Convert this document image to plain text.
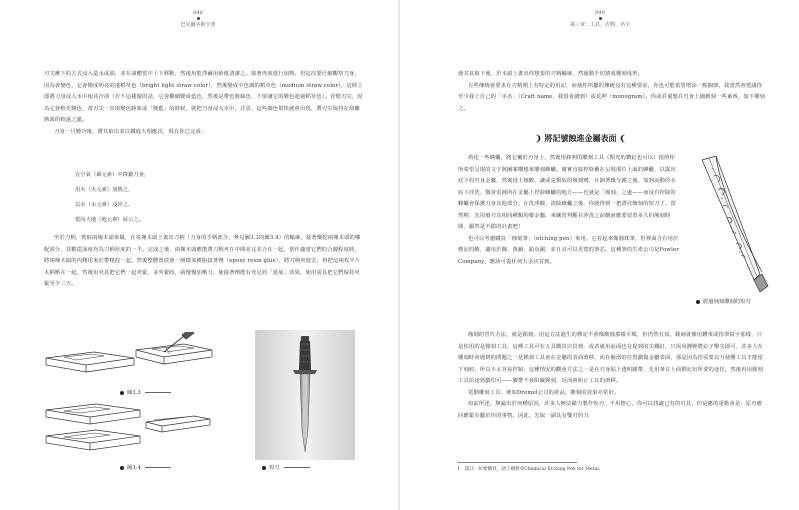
048
巴克爾巫術全書

刃尖蘸下的方式浸入造水或油，並在油體當中上下移動，然後用乾淨爾用砂紙清潔之。接著再度進行加熱，但這次要仔細觀察刀身，因為會變色，它會變成明亮的淺稻草色（bright light straw color），然後變成中色調的稻草色（medium straw color），這時立即將刀身浸入水中使其冷卻（若不這樣做的話，它會繼續變成藍色，然後是帶色與綠色，不要讓它的變色超過稻草色）。冒煙刃尖，因為它會較先變色，當刃尖一出現變色跡象或「變藍」的時候，就把刀身浸入水中。注意，這些顏色很快就會出現，將刃尖保持在刮離熱源的較遠之處。

刀身一旦變冷後，將其取出並以鐵進大相應次，現在你已完成：

在空氣（風元素）中鋒鍛刀身，
用火（火元素）加熱之，
以水（水元素）浸淬之，
當向大地（地元素）展示之。

至於刀柄，則取兩塊木頭來做，在每塊木頭上畫出刀柄（刀身的手柄部分，參見圖3.3的圖3.4）的輪廓，接著鑿挖兩塊木頭的哪配部分，其數從深度均為刀柄厚度的一半。完成之後，兩塊木頭應能將刀柄夾在中間並完美合在一起，當作適當它們的合鐘程度時，將兩塊木頭的內側用來於帶粗混一起，然後整體置放使一層環氧樹脂接著劑（epoxy resin glue），將刀柄夾進去，再把這兩枚半片木柄壓在一起，然後用夾具把它們一起夾緊，並夾緊時，請慢慢加壓力，使接著劑能有充足的「延展」效果，使用需具把它們保持夾緊至少三天。

圖3.3
圖3.4	短刀
049
第三章：工具、衣物、名字

使其良取下後，於木頭上畫出你想要的刃柄輪廓，然後動手切割成雕刻成形。

有些傳統會要求在刃柄側上有特定的用記，而使你所屬的傳統沒有這種要求，你也可能希望增添一點個節。我當然會建議你至少我上自己的「巫名」（Craft name，我當會講到）或花押（monogram）。你或許還想在刃身上細緻刻一些東西，如下雕刻之。

❩ 將記號蝕進金屬表面 ❨

熔化一些蜂蠟，將它覆於刃身上，然後用鋒利的雕刻工具（類光的鑽釘也可以）按照你所希望呈現的文字與圖案構想來雕刻蜂蠟。確實直接控除覆在呈現部位上面的蜂蠟，以露出底下的刃身金屬，然後侵上蝕酸，讓或是類似的蝕刻劑，在卸著幾分鐘之後，靠到流動的水底下沖洗，微會雷蝕所在金屬上控除蜂蠟的地方——也就是「蝕刻」之處——而沒有控除的蜂蠟會保護刀身其他部分。在洗淨酸，清除蜂蠟之後，你就得到一把漂亮飾刻的短刀了。當然啦，先用廢刃其相同種類的廢金屬，來練習判斷在沖洗之前酸液應要留置多久的蝕刻時間，顯然是不錯的計畫吧！

也可以考慮購買「蝕刻筆」（etching pen）來用。它看起來像圓珠筆，但裡面含有用於標記的酸，適用於鋼、黃銅、鉑及銅，並且具可以更寬的筆芯。這種筆的生產公司是Fowler Company，應該可從任何五金店買到。

蝕刻的替代方法，就是銘刻。用這方法進生的標記不會像酸蝕那樣平順，但仍然有效。銘刻就像用鑽來或指筆寫字那樣，只是你用的是銘刻工具，這種工具可在五具購買店買到，或者就用前面也有提到的尖鐵釘，只需用錘輕將釘子擊尖即可，許多人在雕刻時會遇到的問題之一是銘刻工具會在金屬的表面滑移，而在擬滑的位置劃傷金屬表面，那是因為你需要以力使雕工具才能留下刻痕，所以不太容易控制，這種情況的觀免方法之一是在刃身貼上透明膠帶，先用筆在上面標記出所要的途徑，然後再用銘刻工具沿途到劃印可——膠帶不會阻礙銘刻，反而會阻止工具的滑移。

電動雕刻工具，例如Dremel公司的產品，雕刻的效果亦常好。

如前所述，無論出於何種原因，許多人無法備力製作短刃，不用擔心，你可以找適已有的刃具，但是應的重點會是：原刃應回應緊有屬於你的事物。因此，先取一副具有雙刃的刀

經過蝕刻雕刻的短刃
1　譯註：如要購買，請上網搜尋Chemical Etching Pen for Metal。
